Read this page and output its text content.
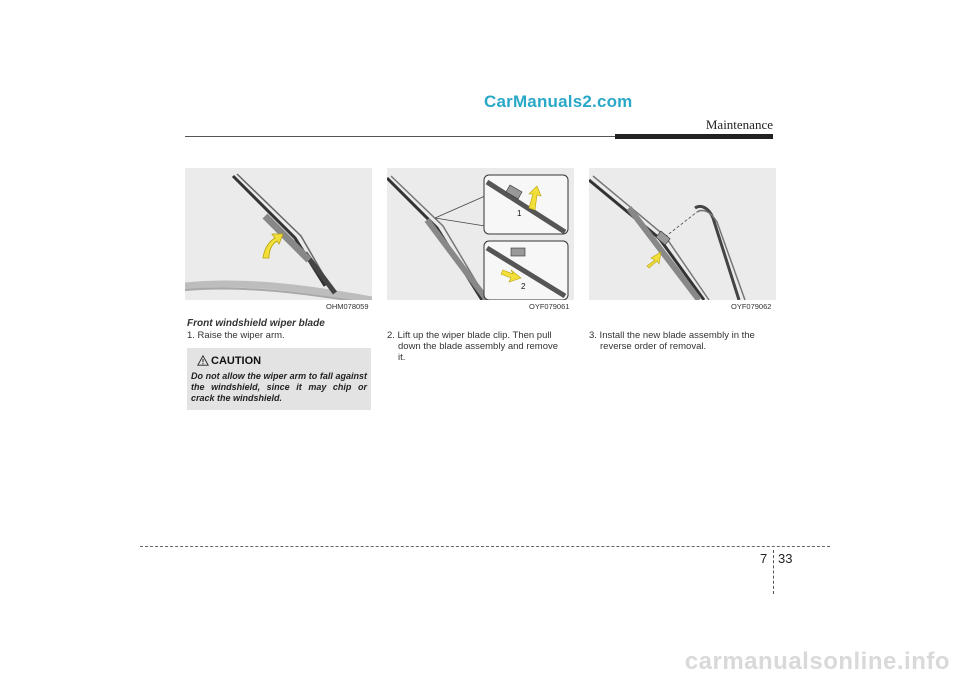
CarManuals2.com
Maintenance
OHM078059
1
2
OYF079061	OYF079062
Front windshield wiper blade
1. Raise the wiper arm.
CAUTION
Do not allow the wiper arm to fall against the windshield, since it may chip or crack the windshield.
2. Lift up the wiper blade clip. Then pull
down the blade assembly and remove
it.
3. Install the new blade assembly in the
reverse order of removal.
7 33
carmanualsonline.info
